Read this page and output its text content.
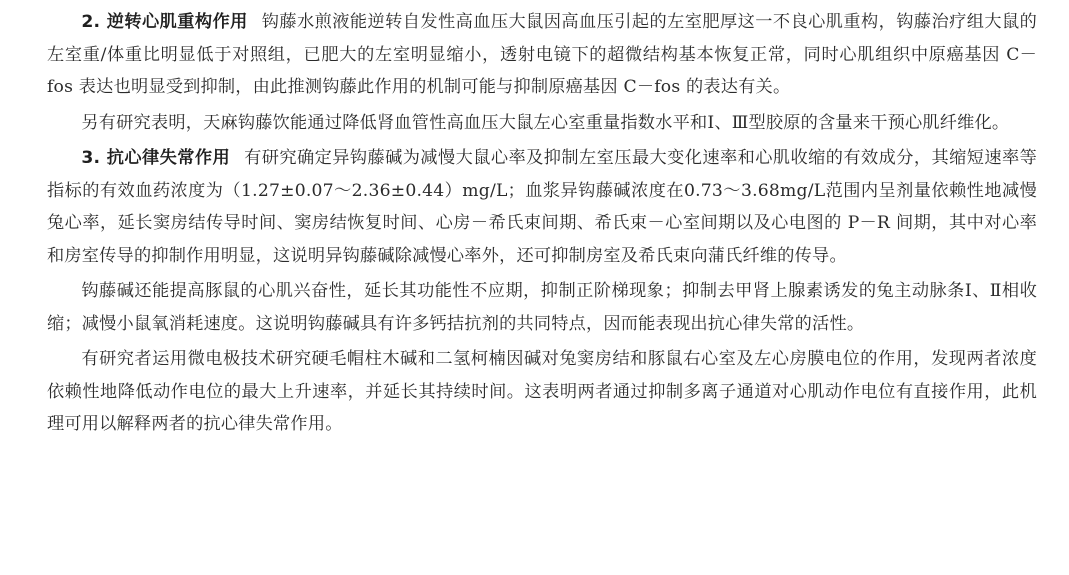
2. 逆转心肌重构作用 钩藤水煎液能逆转自发性高血压大鼠因高血压引起的左室肥厚这一不良心肌重构，钩藤治疗组大鼠的左室重/体重比明显低于对照组，已肥大的左室明显缩小，透射电镜下的超微结构基本恢复正常，同时心肌组织中原癌基因 C－fos 表达也明显受到抑制，由此推测钩藤此作用的机制可能与抑制原癌基因 C－fos 的表达有关。

另有研究表明，天麻钩藤饮能通过降低肾血管性高血压大鼠左心室重量指数水平和Ⅰ、Ⅲ型胶原的含量来干预心肌纤维化。

3. 抗心律失常作用 有研究确定异钩藤碱为减慢大鼠心率及抑制左室压最大变化速率和心肌收缩的有效成分，其缩短速率等指标的有效血药浓度为（1.27±0.07～2.36±0.44）mg/L；血浆异钩藤碱浓度在0.73～3.68mg/L范围内呈剂量依赖性地减慢兔心率，延长窦房结传导时间、窦房结恢复时间、心房－希氏束间期、希氏束－心室间期以及心电图的 P－R 间期，其中对心率和房室传导的抑制作用明显，这说明异钩藤碱除减慢心率外，还可抑制房室及希氏束向蒲氏纤维的传导。

钩藤碱还能提高豚鼠的心肌兴奋性，延长其功能性不应期，抑制正阶梯现象；抑制去甲肾上腺素诱发的兔主动脉条Ⅰ、Ⅱ相收缩；减慢小鼠氧消耗速度。这说明钩藤碱具有许多钙拮抗剂的共同特点，因而能表现出抗心律失常的活性。

有研究者运用微电极技术研究硬毛帽柱木碱和二氢柯楠因碱对兔窦房结和豚鼠右心室及左心房膜电位的作用，发现两者浓度依赖性地降低动作电位的最大上升速率，并延长其持续时间。这表明两者通过抑制多离子通道对心肌动作电位有直接作用，此机理可用以解释两者的抗心律失常作用。
